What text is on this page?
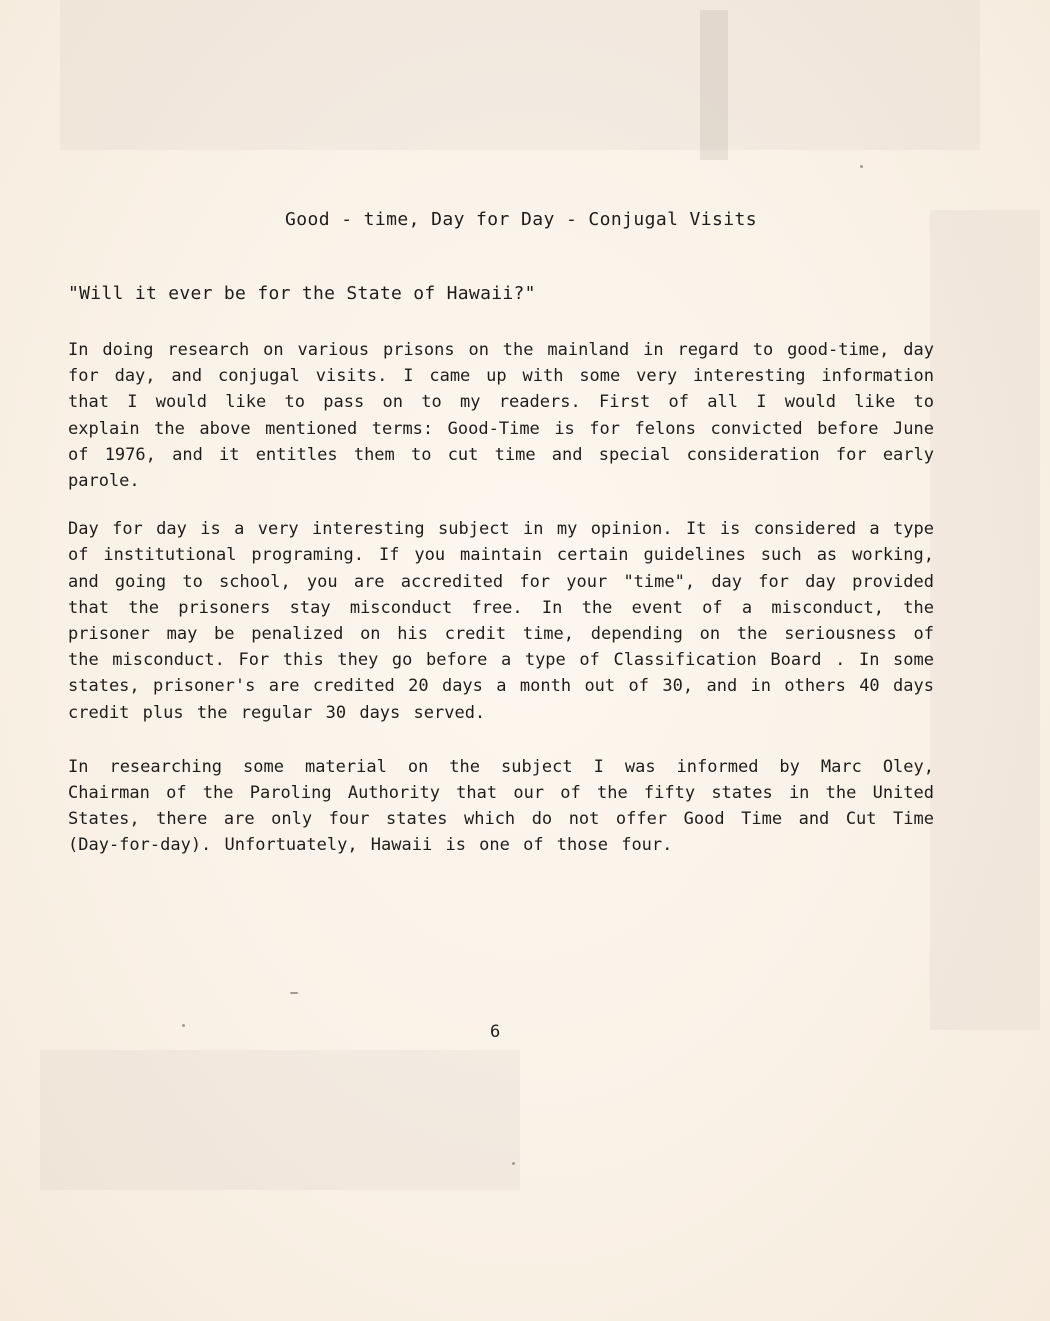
Good - time, Day for Day - Conjugal Visits
"Will it ever be for the State of Hawaii?"

In doing research on various prisons on the mainland in regard to good-time, day for day, and conjugal visits. I came up with some very interesting information that I would like to pass on to my readers. First of all I would like to explain the above mentioned terms: Good-Time is for felons convicted before June of 1976, and it entitles them to cut time and special consideration for early parole.

Day for day is a very interesting subject in my opinion. It is considered a type of institutional programing. If you maintain certain guidelines such as working, and going to school, you are accredited for your "time", day for day provided that the prisoners stay misconduct free. In the event of a misconduct, the prisoner may be penalized on his credit time, depending on the seriousness of the misconduct. For this they go before a type of Classification Board . In some states, prisoner's are credited 20 days a month out of 30, and in others 40 days credit plus the regular 30 days served.

In researching some material on the subject I was informed by Marc Oley, Chairman of the Paroling Authority that our of the fifty states in the United States, there are only four states which do not offer Good Time and Cut Time (Day-for-day). Unfortuately, Hawaii is one of those four.

6
